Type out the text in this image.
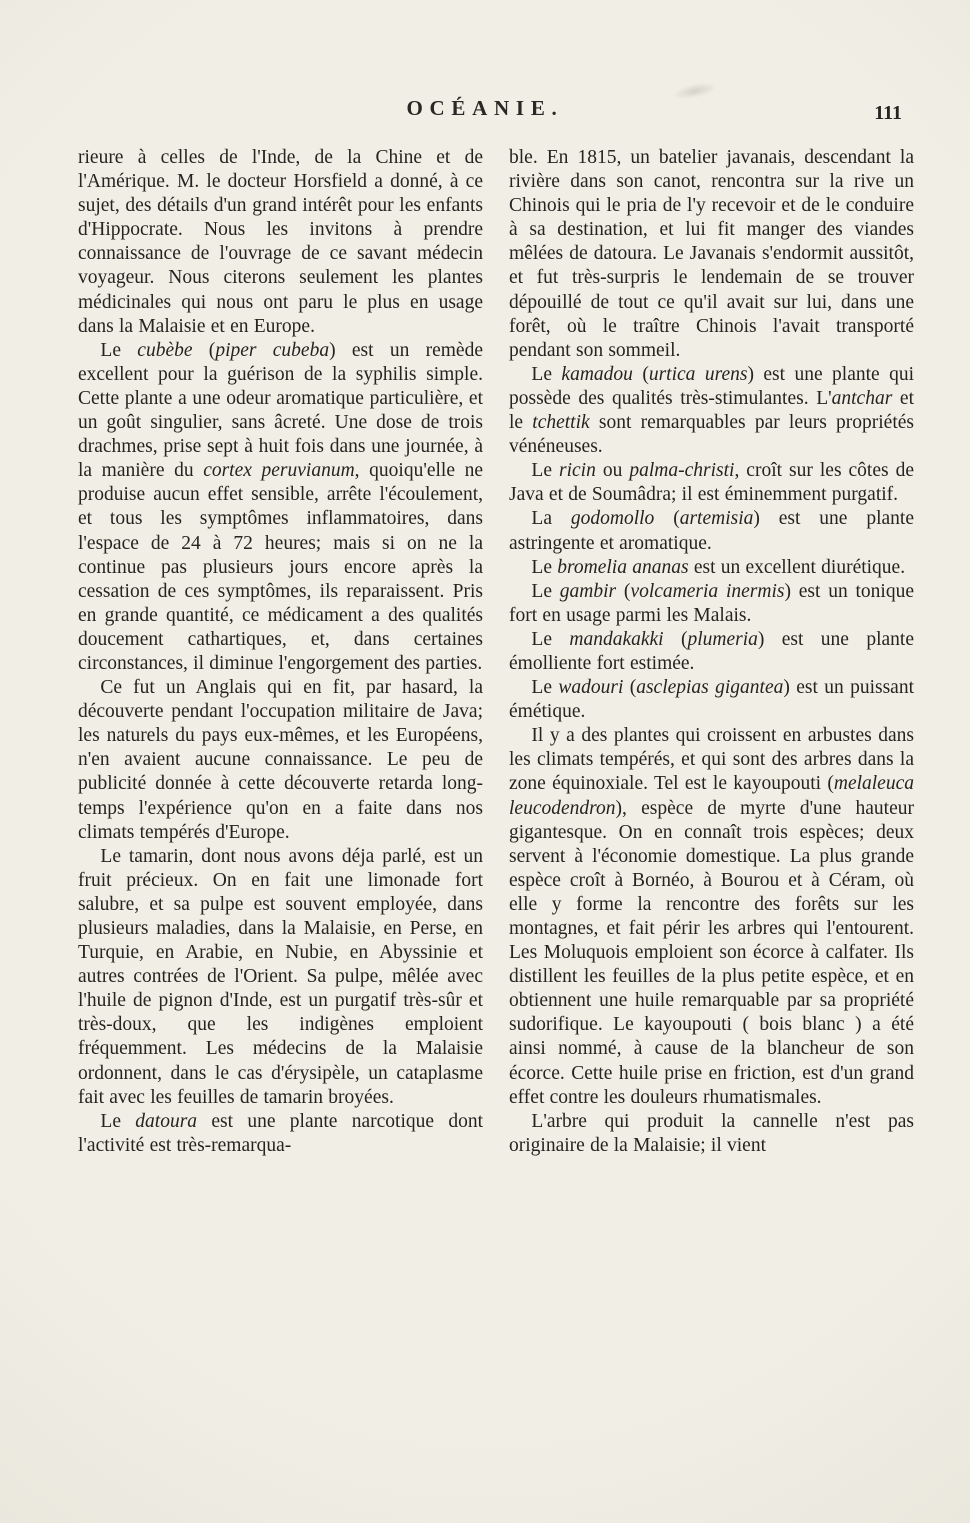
OCÉANIE.	111

rieure à celles de l'Inde, de la Chine et de l'Amérique. M. le docteur Horsfield a donné, à ce sujet, des détails d'un grand intérêt pour les enfants d'Hippocrate. Nous les invitons à prendre connaissance de l'ouvrage de ce savant médecin voyageur. Nous citerons seulement les plantes médicinales qui nous ont paru le plus en usage dans la Malaisie et en Europe.

Le cubèbe (piper cubeba) est un remède excellent pour la guérison de la syphilis simple. Cette plante a une odeur aromatique particulière, et un goût singulier, sans âcreté. Une dose de trois drachmes, prise sept à huit fois dans une journée, à la manière du cortex peruvianum, quoiqu'elle ne produise aucun effet sensible, arrête l'écoulement, et tous les symptômes inflammatoires, dans l'espace de 24 à 72 heures; mais si on ne la continue pas plusieurs jours encore après la cessation de ces symptômes, ils reparaissent. Pris en grande quantité, ce médicament a des qualités doucement cathartiques, et, dans certaines circonstances, il diminue l'engorgement des parties.

Ce fut un Anglais qui en fit, par hasard, la découverte pendant l'occupation militaire de Java; les naturels du pays eux-mêmes, et les Européens, n'en avaient aucune connaissance. Le peu de publicité donnée à cette découverte retarda long-temps l'expérience qu'on en a faite dans nos climats tempérés d'Europe.

Le tamarin, dont nous avons déja parlé, est un fruit précieux. On en fait une limonade fort salubre, et sa pulpe est souvent employée, dans plusieurs maladies, dans la Malaisie, en Perse, en Turquie, en Arabie, en Nubie, en Abyssinie et autres contrées de l'Orient. Sa pulpe, mêlée avec l'huile de pignon d'Inde, est un purgatif très-sûr et très-doux, que les indigènes emploient fréquemment. Les médecins de la Malaisie ordonnent, dans le cas d'érysipèle, un cataplasme fait avec les feuilles de tamarin broyées.

Le datoura est une plante narcotique dont l'activité est très-remarqua-

ble. En 1815, un batelier javanais, descendant la rivière dans son canot, rencontra sur la rive un Chinois qui le pria de l'y recevoir et de le conduire à sa destination, et lui fit manger des viandes mêlées de datoura. Le Javanais s'endormit aussitôt, et fut très-surpris le lendemain de se trouver dépouillé de tout ce qu'il avait sur lui, dans une forêt, où le traître Chinois l'avait transporté pendant son sommeil.

Le kamadou (urtica urens) est une plante qui possède des qualités très-stimulantes. L'antchar et le tchettik sont remarquables par leurs propriétés vénéneuses.

Le ricin ou palma-christi, croît sur les côtes de Java et de Soumâdra; il est éminemment purgatif.

La godomollo (artemisia) est une plante astringente et aromatique.

Le bromelia ananas est un excellent diurétique.

Le gambir (volcameria inermis) est un tonique fort en usage parmi les Malais.

Le mandakakki (plumeria) est une plante émolliente fort estimée.

Le wadouri (asclepias gigantea) est un puissant émétique.

Il y a des plantes qui croissent en arbustes dans les climats tempérés, et qui sont des arbres dans la zone équinoxiale. Tel est le kayoupouti (melaleuca leucodendron), espèce de myrte d'une hauteur gigantesque. On en connaît trois espèces; deux servent à l'économie domestique. La plus grande espèce croît à Bornéo, à Bourou et à Céram, où elle y forme la rencontre des forêts sur les montagnes, et fait périr les arbres qui l'entourent. Les Moluquois emploient son écorce à calfater. Ils distillent les feuilles de la plus petite espèce, et en obtiennent une huile remarquable par sa propriété sudorifique. Le kayoupouti ( bois blanc ) a été ainsi nommé, à cause de la blancheur de son écorce. Cette huile prise en friction, est d'un grand effet contre les douleurs rhumatismales.

L'arbre qui produit la cannelle n'est pas originaire de la Malaisie; il vient
